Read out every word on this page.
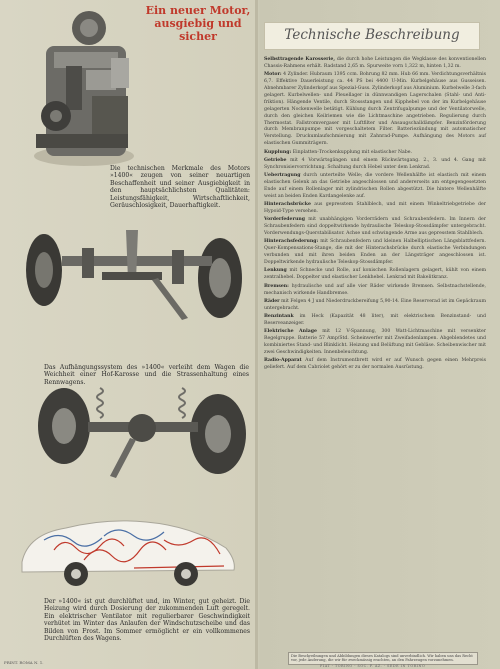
Ein neuer Motor, ausgiebig und sicher
Die technischen Merkmale des Motors »1400« zeugen von seiner neuartigen Beschaffenheit und seiner Ausgiebigkeit in den hauptsächlichsten Qualitäten: Leistungsfähigkeit, Wirtschaftlichkeit, Geräuschlosigkeit, Dauerhaftigkeit.
Das Aufhängungssystem des »1400« verleiht dem Wagen die Weichheit einer Hof-Karosse und die Strassenhaltung eines Rennwagens.
Der »1400« ist gut durchlüftet und, im Winter, gut geheizt. Die Heizung wird durch Dosierung der zukommenden Luft geregelt. Ein elektrischer Ventilator mit regulierbarer Geschwindigkeit verhütet im Winter das Anlaufen der Windschutzscheibe und das Bilden von Frost. Im Sommer ermöglicht er ein vollkommenes Durchlüften des Wagens.
PRINT. ROMA N. 1.
Technische Beschreibung

Selbsttragende Karosserie, die durch hohe Leistungen die Wegklasse des konventionellen Chassis-Rahmens erhält. Radstand 2,65 m. Spurweite vorn 1,322 m, hinten 1,32 m.

Motor: 4 Zylinder. Hubraum 1395 ccm. Bohrung 82 mm. Hub 66 mm. Verdichtungsverhältnis 6,7. Effektive Dauerleistung ca. 44 PS bei 4400 U-Min. Kurbelgehäuse aus Gusseisen. Abnehmbarer Zylinderkopf aus Spezial-Guss. Zylinderkopf aus Aluminium. Kurbelwelle 3-fach gelagert. Kurbelwellen- und Pleuellager in dünnwandigen Lagerschalen (Stahl- und Anti-friktion). Hängende Ventile, durch Stossstangen und Kipphebel von der im Kurbelgehäuse gelagerten Nockenwelle betätigt. Kühlung durch Zentrifugalpumpe und der Ventilatorwelle, durch den gleichen Keilriemen wie die Lichtmaschine angetrieben. Regulierung durch Thermostat. Fallstromvergaser mit Luftfilter und Ansaugschalldämpfer. Benzinförderung durch Membranpumpe mit vorgeschaltetem Filter. Batteriezündung mit automatischer Verstellung. Druckumlaufschmierung mit Zahnrad-Pumpe. Aufhängung des Motors auf elastischen Gummiträgern.

Kupplung: Einplatten-Trockenkupplung mit elastischer Nabe.

Getriebe mit 4 Vorwärtsgängen und einem Rückwärtsgang. 2., 3. und 4. Gang mit Synchronisiervorrichtung. Schaltung durch Hebel unter dem Lenkrad.

Uebertragung durch unterteilte Welle; die vordere Wellenhälfte ist elastisch mit einem elastischen Gelenk an das Getriebe angeschlossen und andererseits am entgegengesetzten Ende auf einem Rollenlager mit zylindrischen Rollen abgestützt. Die hintere Wellenhälfte weist an beiden Enden Kardangelenke auf.

Hinterachsbrücke aus gepresstem Stahlblech, und mit einem Winkeltriebgetriebe der Hypoid-Type versehen.

Vorderfederung mit unabhängigen Vorderrädern und Schraubenfedern. Im Innern der Schraubenfedern sind doppeltwirkende hydraulische Teleskop-Stossdämpfer untergebracht. Vorderwendungs-Querstabilisator. Achse und schwingende Arme aus gepresstem Stahlblech.

Hinterachsfederung: mit Schraubenfedern und kleinen Halbelliptischen Längsblattfedern. Quer-Kompensations-Stange, die mit der Hinterachsbrücke durch elastische Verbindungen verbunden und mit ihren beiden Enden an der Längsträger angeschlossen ist. Doppeltwirkende hydraulische Teleskop-Stossdämpfer.

Lenkung mit Schnecke und Rolle, auf konischen Rollenlagern gelagert, kühlt von einem zentralhebel. Doppelter und elastischer Lenkhebel. Lenkrad mit Bakelitkranz.

Bremsen: hydraulische und auf alle vier Räder wirkende Bremsen. Selbstnachstellende, mechanisch wirkende Handbremse.

Räder mit Felgen 4 J und Niederdruckbereifung 5,90-14. Eine Reserverad ist im Gepäckraum untergebracht.

Benzintank im Heck (Kapazität 48 liter), mit elektrischem Benzinstand- und Reserveanzeiger.

Elektrische Anlage mit 12 V-Spannung, 300 Watt-Lichtmaschine mit versenkter Regelgruppe. Batterie 57 Amp/Std. Scheinwerfer mit Zweifadenlampen. Abgeblendetes und kombiniertes Stand- und Blinklicht. Heizung und Belüftung mit Gebläse. Scheibenwischer mit zwei Geschwindigkeiten. Innenbeleuchtung.

Radio-Apparat Auf dem Instrumentbrett wird er auf Wunsch gegen einen Mehrpreis geliefert. Auf dem Cabriolet gehört er zu der normalen Ausrüstung.

Die Beschreibungen und Abbildungen dieses Katalogs sind unverbindlich. Wir haben uns das Recht vor, jede Änderung, die wir für zweckmässig erachten, an den Fahrzeugen vorzunehmen.
FIAT - TORINO - SOC. P. AZ. - SEDE IN TORINO
